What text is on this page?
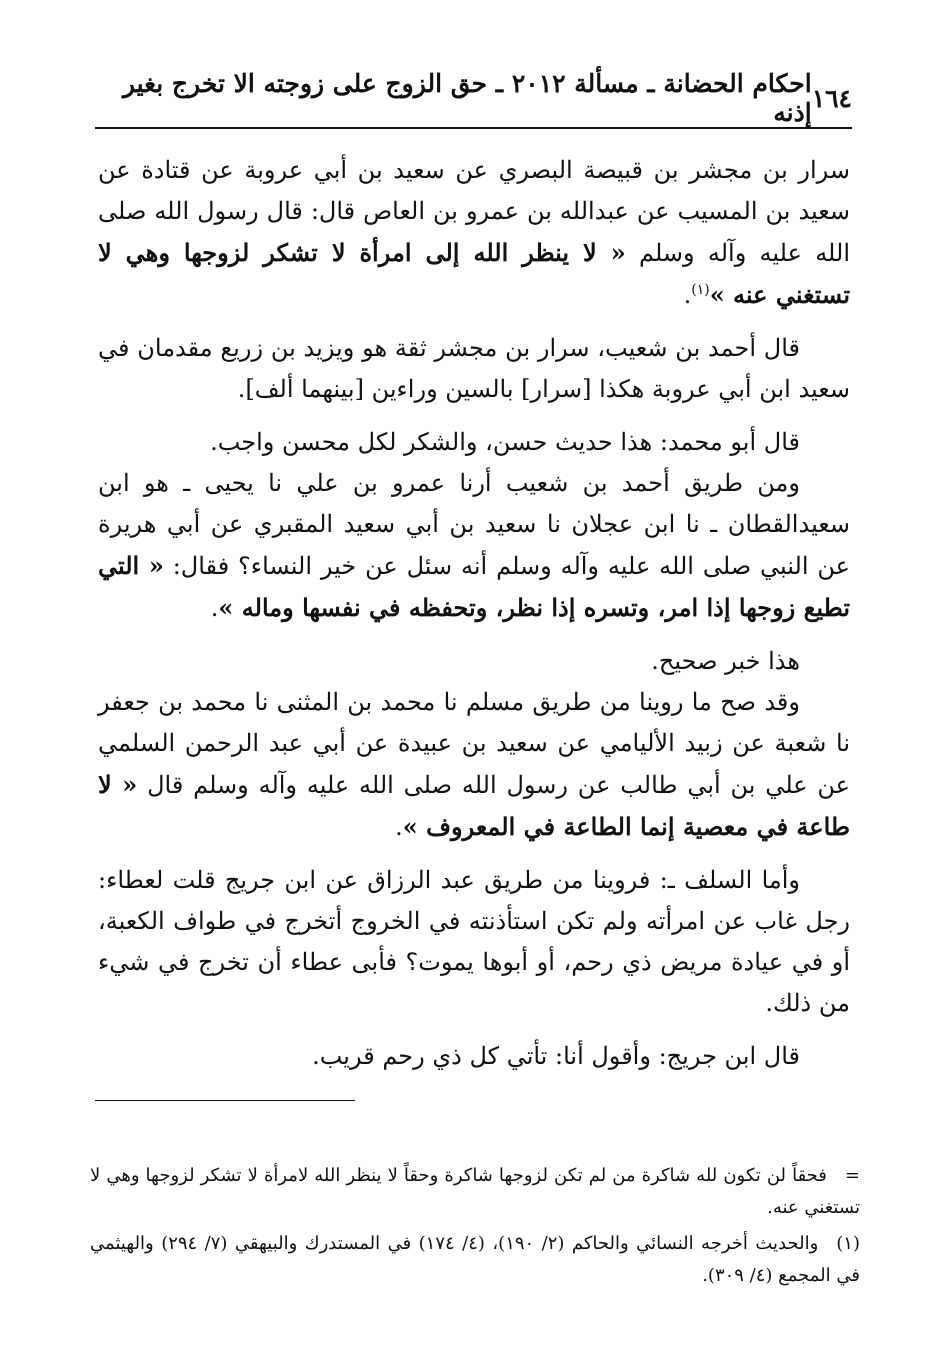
١٦٤
احكام الحضانة ـ مسألة ٢٠١٢ ـ حق الزوج على زوجته الا تخرج بغير إذنه

سرار بن مجشر بن قبيصة البصري عن سعيد بن أبي عروبة عن قتادة عن سعيد بن المسيب عن عبدالله بن عمرو بن العاص قال: قال رسول الله صلى الله عليه وآله وسلم « لا ينظر الله إلى امرأة لا تشكر لزوجها وهي لا تستغني عنه »$^{(١)}$.

قال أحمد بن شعيب، سرار بن مجشر ثقة هو ويزيد بن زريع مقدمان في سعيد ابن أبي عروبة هكذا [سرار] بالسين وراءين [بينهما ألف].

قال أبو محمد: هذا حديث حسن، والشكر لكل محسن واجب.

ومن طريق أحمد بن شعيب أرنا عمرو بن علي نا يحيى ـ هو ابن سعيدالقطان ـ نا ابن عجلان نا سعيد بن أبي سعيد المقبري عن أبي هريرة عن النبي صلى الله عليه وآله وسلم أنه سئل عن خير النساء؟ فقال: « التي تطيع زوجها إذا امر، وتسره إذا نظر، وتحفظه في نفسها وماله ».

هذا خبر صحيح.

وقد صح ما روينا من طريق مسلم نا محمد بن المثنى نا محمد بن جعفر نا شعبة عن زبيد الأليامي عن سعيد بن عبيدة عن أبي عبد الرحمن السلمي عن علي بن أبي طالب عن رسول الله صلى الله عليه وآله وسلم قال « لا طاعة في معصية إنما الطاعة في المعروف ».

وأما السلف ـ: فروينا من طريق عبد الرزاق عن ابن جريج قلت لعطاء: رجل غاب عن امرأته ولم تكن استأذنته في الخروج أتخرج في طواف الكعبة، أو في عيادة مريض ذي رحم، أو أبوها يموت؟ فأبى عطاء أن تخرج في شيء من ذلك.

قال ابن جريج: وأقول أنا: تأتي كل ذي رحم قريب.

=فحقاً لن تكون لله شاكرة من لم تكن لزوجها شاكرة وحقاً لا ينظر الله لامرأة لا تشكر لزوجها وهي لا تستغني عنه.

(١)والحديث أخرجه النسائي والحاكم (٢/ ١٩٠)، (٤/ ١٧٤) في المستدرك والبيهقي (٧/ ٢٩٤) والهيثمي في المجمع (٤/ ٣٠٩).
